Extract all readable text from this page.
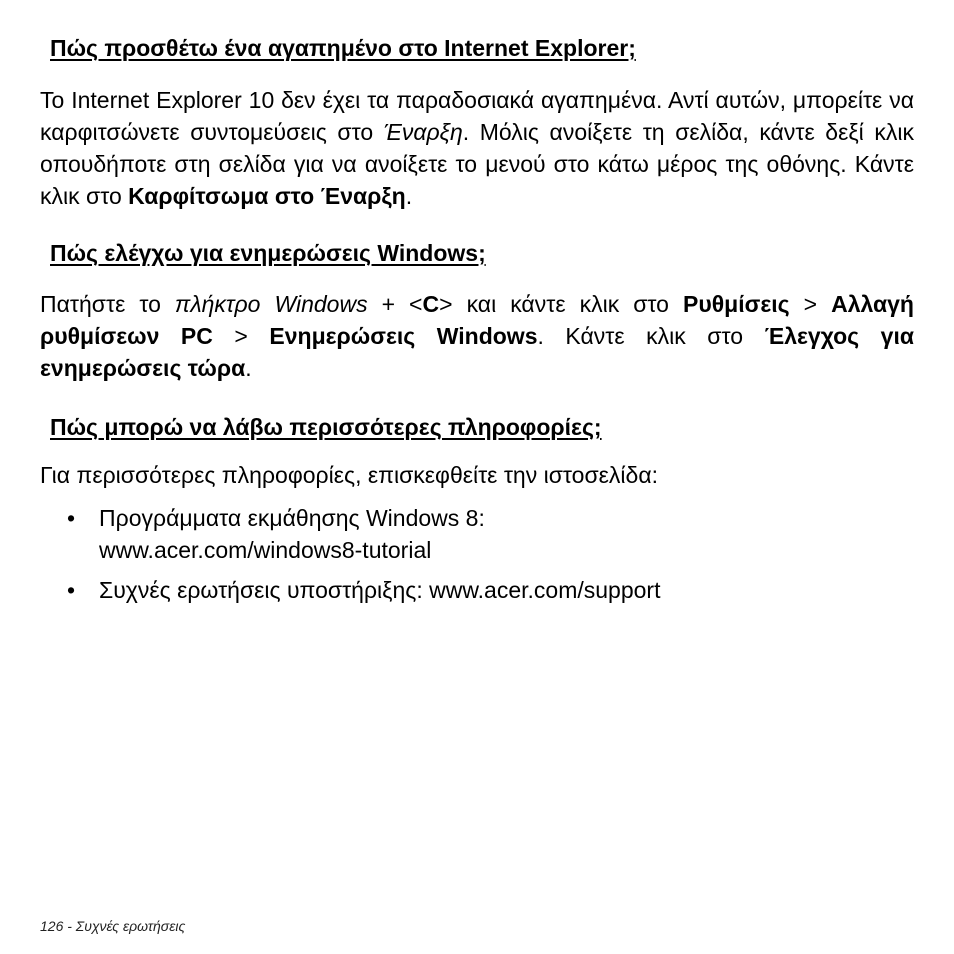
Πώς προσθέτω ένα αγαπημένο στο Internet Explorer;

Το Internet Explorer 10 δεν έχει τα παραδοσιακά αγαπημένα. Αντί αυτών, μπορείτε να καρφιτσώνετε συντομεύσεις στο Έναρξη. Μόλις ανοίξετε τη σελίδα, κάντε δεξί κλικ οπουδήποτε στη σελίδα για να ανοίξετε το μενού στο κάτω μέρος της οθόνης. Κάντε κλικ στο Καρφίτσωμα στο Έναρξη.

Πώς ελέγχω για ενημερώσεις Windows;

Πατήστε το πλήκτρο Windows + <C> και κάντε κλικ στο Ρυθμίσεις > Αλλαγή ρυθμίσεων PC > Ενημερώσεις Windows. Κάντε κλικ στο Έλεγχος για ενημερώσεις τώρα.

Πώς μπορώ να λάβω περισσότερες πληροφορίες;

Για περισσότερες πληροφορίες, επισκεφθείτε την ιστοσελίδα:

• Προγράμματα εκμάθησης Windows 8:
www.acer.com/windows8-tutorial
• Συχνές ερωτήσεις υποστήριξης: www.acer.com/support
126 - Συχνές ερωτήσεις
